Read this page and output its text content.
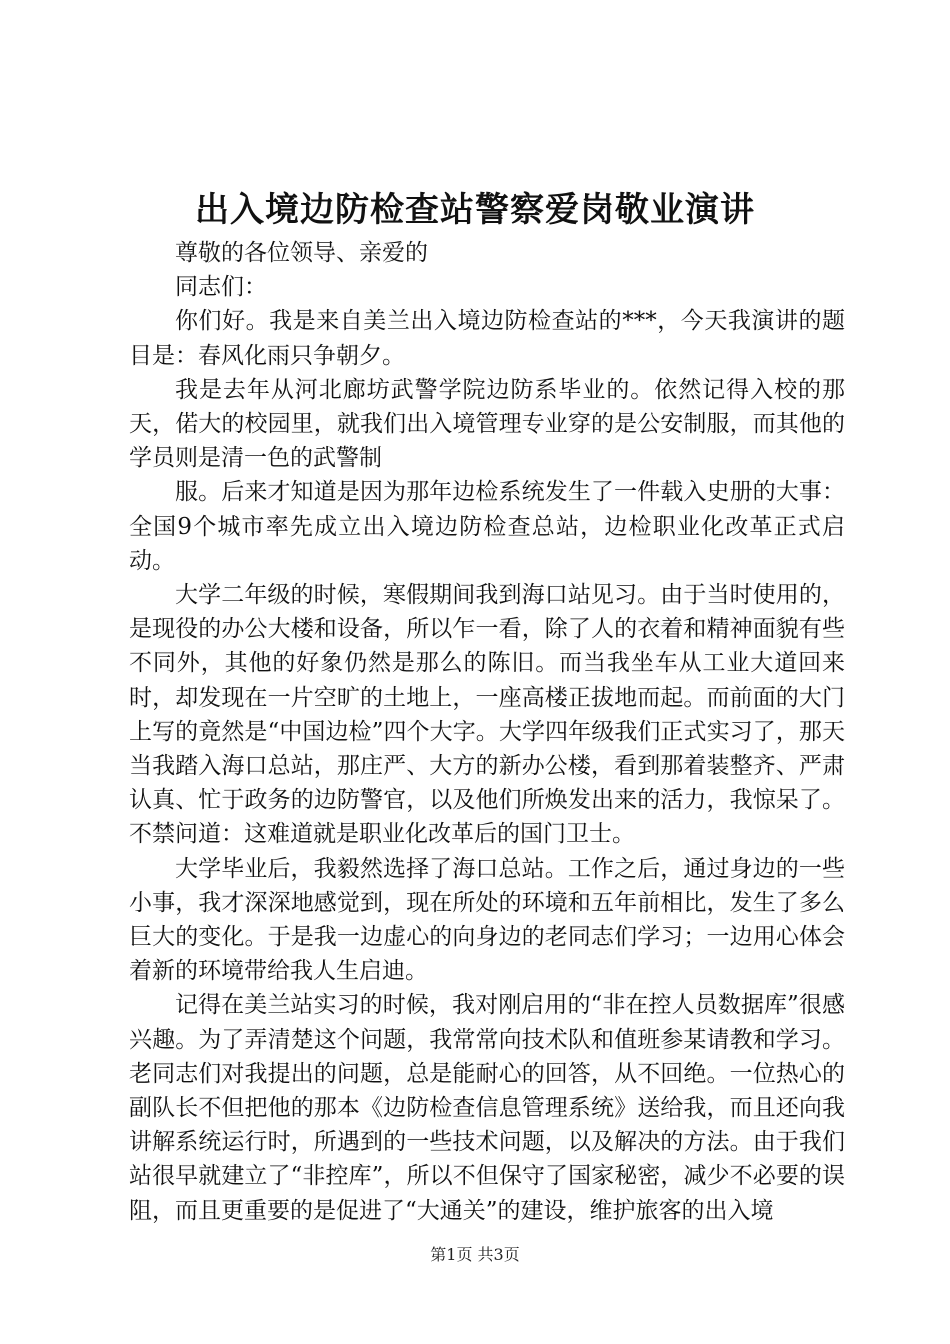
出入境边防检查站警察爱岗敬业演讲

尊敬的各位领导、亲爱的

同志们：

你们好。我是来自美兰出入境边防检查站的***，今天我演讲的题目是：春风化雨只争朝夕。

我是去年从河北廊坊武警学院边防系毕业的。依然记得入校的那天，偌大的校园里，就我们出入境管理专业穿的是公安制服，而其他的学员则是清一色的武警制

服。后来才知道是因为那年边检系统发生了一件载入史册的大事：全国9个城市率先成立出入境边防检查总站，边检职业化改革正式启动。

大学二年级的时候，寒假期间我到海口站见习。由于当时使用的，是现役的办公大楼和设备，所以乍一看，除了人的衣着和精神面貌有些不同外，其他的好象仍然是那么的陈旧。而当我坐车从工业大道回来时，却发现在一片空旷的土地上，一座高楼正拔地而起。而前面的大门上写的竟然是“中国边检”四个大字。大学四年级我们正式实习了，那天当我踏入海口总站，那庄严、大方的新办公楼，看到那着装整齐、严肃认真、忙于政务的边防警官，以及他们所焕发出来的活力，我惊呆了。不禁问道：这难道就是职业化改革后的国门卫士。

大学毕业后，我毅然选择了海口总站。工作之后，通过身边的一些小事，我才深深地感觉到，现在所处的环境和五年前相比，发生了多么巨大的变化。于是我一边虚心的向身边的老同志们学习；一边用心体会着新的环境带给我人生启迪。

记得在美兰站实习的时候，我对刚启用的“非在控人员数据库”很感兴趣。为了弄清楚这个问题，我常常向技术队和值班参某请教和学习。老同志们对我提出的问题，总是能耐心的回答，从不回绝。一位热心的副队长不但把他的那本《边防检查信息管理系统》送给我，而且还向我讲解系统运行时，所遇到的一些技术问题，以及解决的方法。由于我们站很早就建立了“非控库”，所以不但保守了国家秘密，减少不必要的误阻，而且更重要的是促进了“大通关”的建设，维护旅客的出入境

第1页 共3页
